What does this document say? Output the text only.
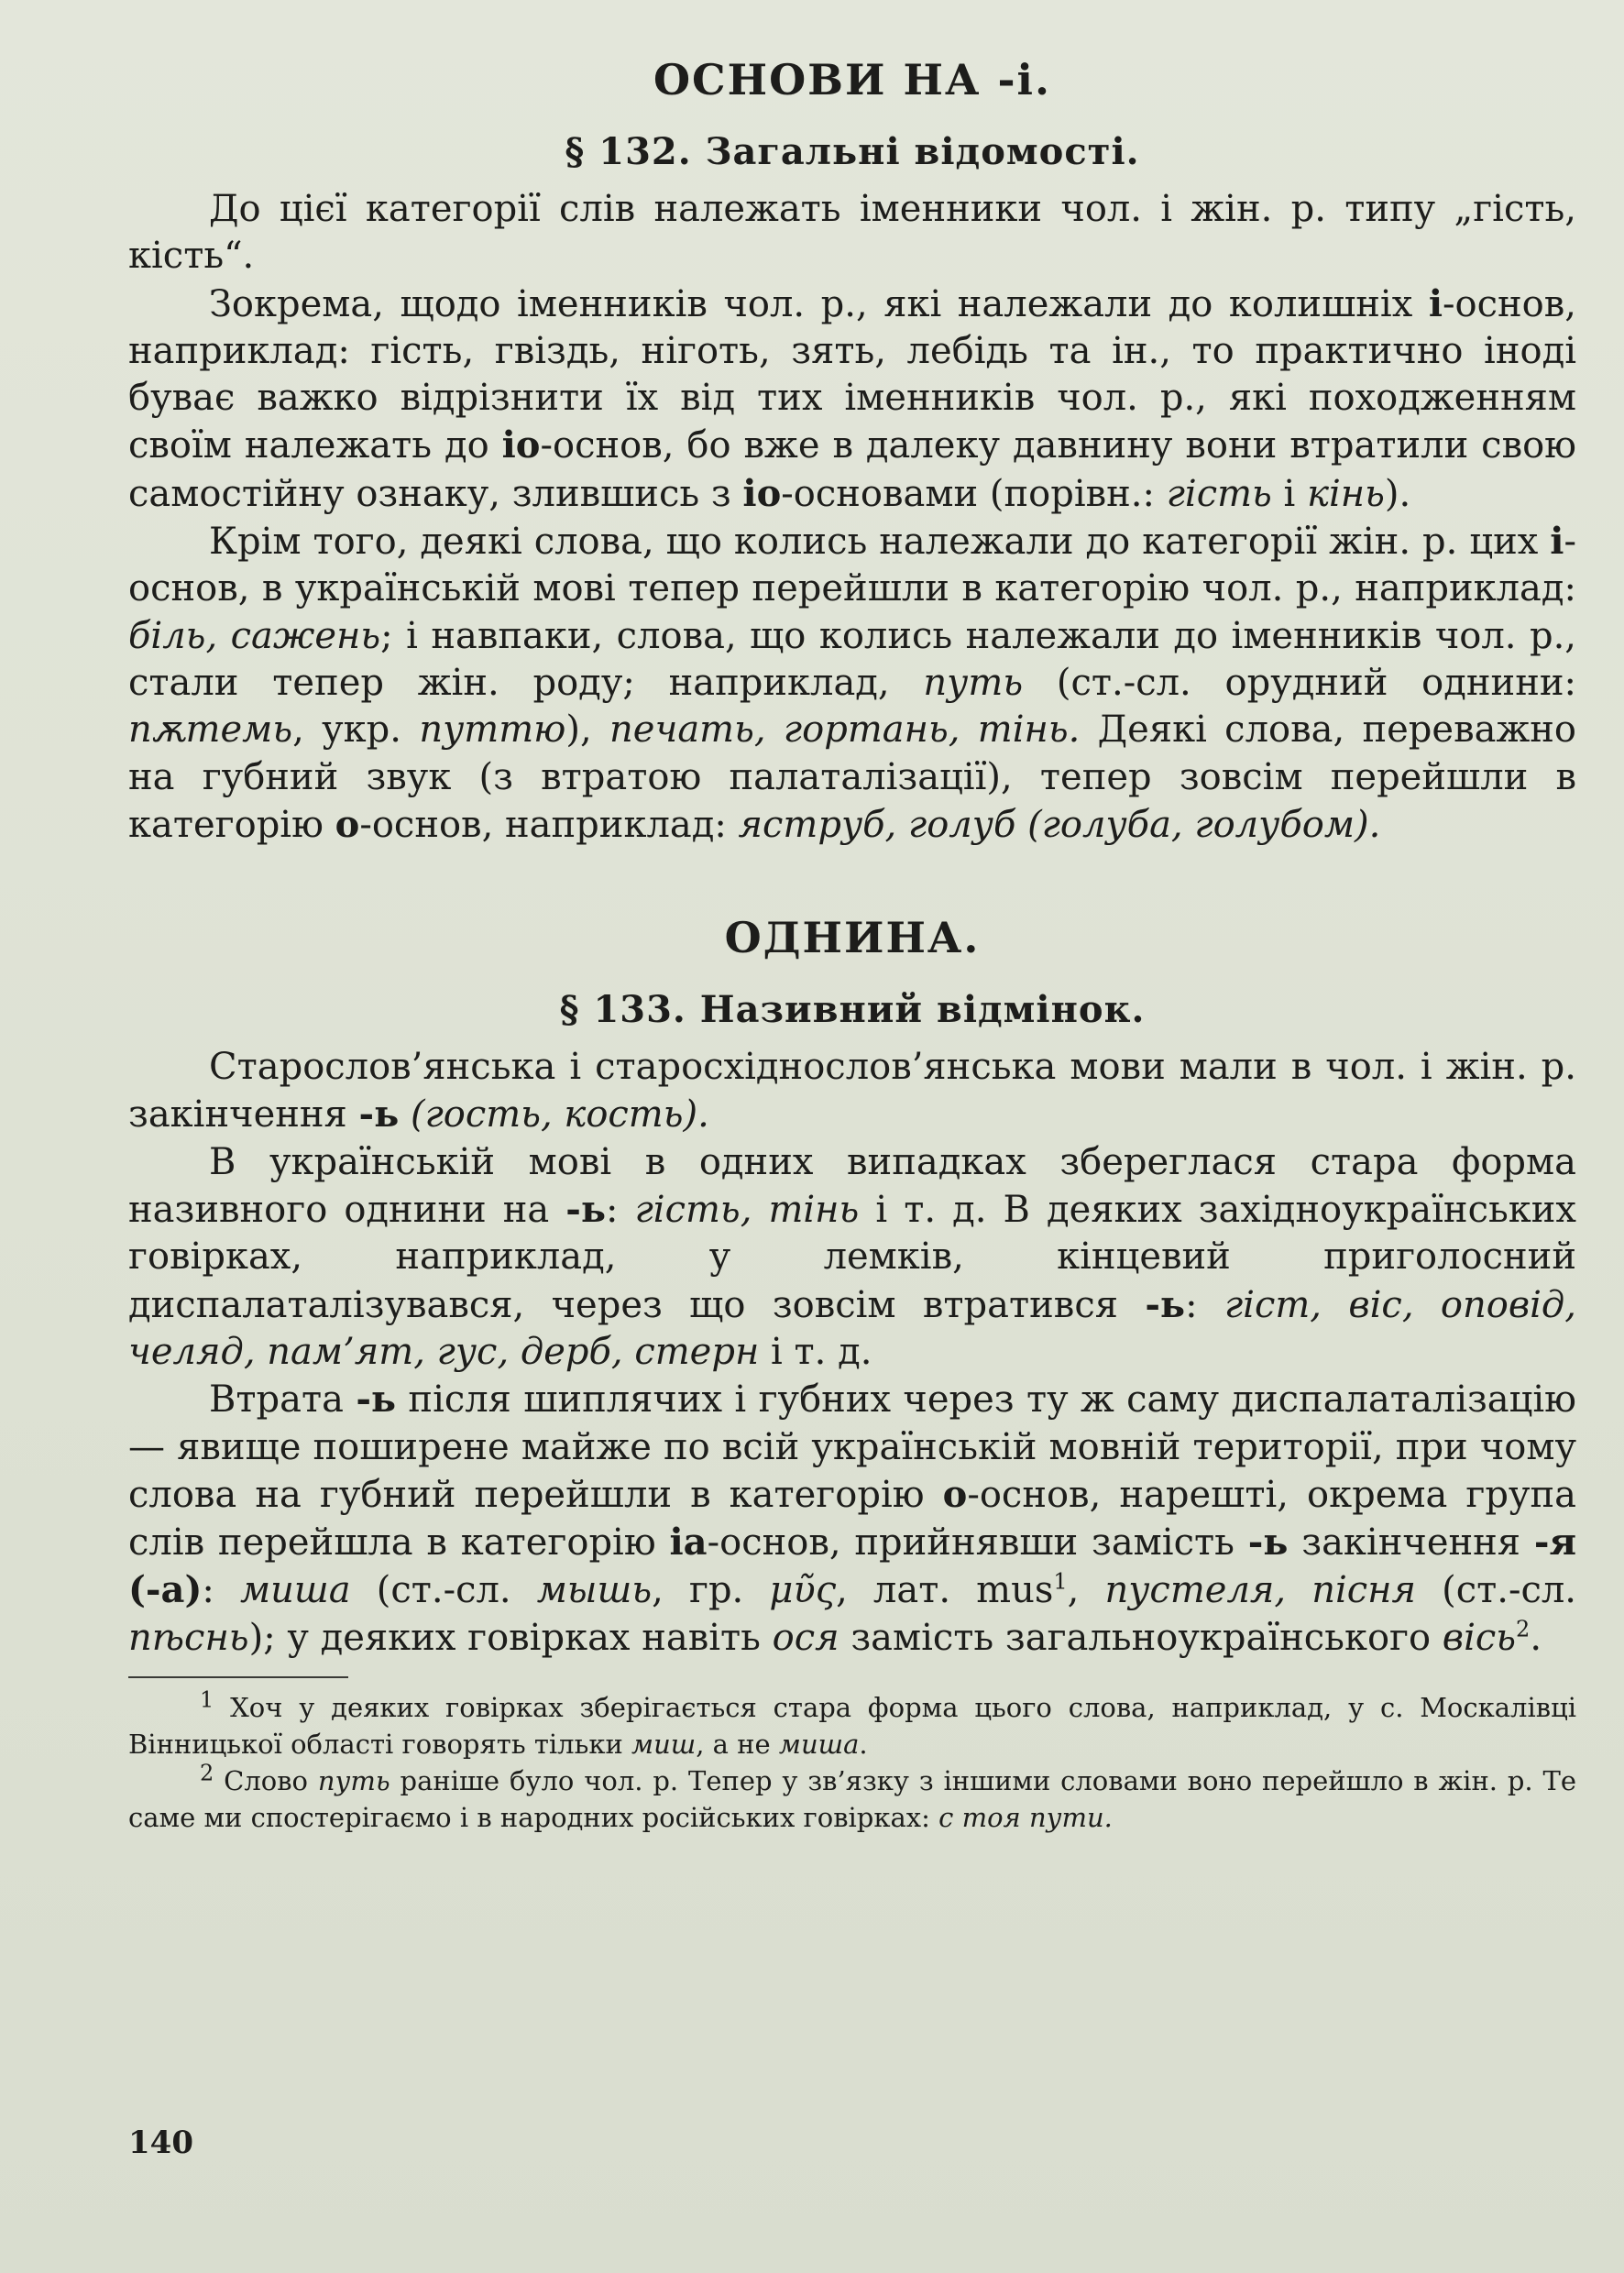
ОСНОВИ НА -i.
§ 132. Загальні відомості.

До цієї категорії слів належать іменники чол. і жін. р. типу „гість, кість“.

Зокрема, щодо іменників чол. р., які належали до колишніх і-основ, наприклад: гість, гвіздь, ніготь, зять, лебідь та ін., то практично іноді буває важко відрізнити їх від тих іменників чол. р., які походженням своїм належать до іо-основ, бо вже в далеку давнину вони втратили свою самостійну ознаку, злившись з іо-основами (порівн.: гість і кінь).

Крім того, деякі слова, що колись належали до категорії жін. р. цих і-основ, в українській мові тепер перейшли в категорію чол. р., наприклад: біль, сажень; і навпаки, слова, що колись належали до іменників чол. р., стали тепер жін. роду; наприклад, путь (ст.-сл. орудний однини: пѫтемь, укр. путтю), печать, гортань, тінь. Деякі слова, переважно на губний звук (з втратою палаталізації), тепер зовсім перейшли в категорію о-основ, наприклад: яструб, голуб (голуба, голубом).

ОДНИНА.
§ 133. Називний відмінок.

Старослов’янська і старосхіднослов’янська мови мали в чол. і жін. р. закінчення -ь (гость, кость).

В українській мові в одних випадках збереглася стара форма називного однини на -ь: гість, тінь і т. д. В деяких західноукраїнських говірках, наприклад, у лемків, кінцевий приголосний диспалаталізувався, через що зовсім втратився -ь: гіст, віс, оповід, челяд, пам’ят, гус, дерб, стерн і т. д.

Втрата -ь після шиплячих і губних через ту ж саму диспалаталізацію — явище поширене майже по всій українській мовній території, при чому слова на губний перейшли в категорію о-основ, нарешті, окрема група слів перейшла в категорію іа-основ, прийнявши замість -ь закінчення -я (-а): миша (ст.-сл. мышь, гр. μῦς, лат. mus$^1$, пустеля, пісня (ст.-сл. пѣснь); у деяких говірках навіть ося замість загальноукраїнського вісь$^2$.

$^1$ Хоч у деяких говірках зберігається стара форма цього слова, наприклад, у с. Москалівці Вінницької області говорять тільки миш, а не миша.

$^2$ Слово путь раніше було чол. р. Тепер у зв’язку з іншими словами воно перейшло в жін. р. Те саме ми спостерігаємо і в народних російських говірках: с тоя пути.

140
